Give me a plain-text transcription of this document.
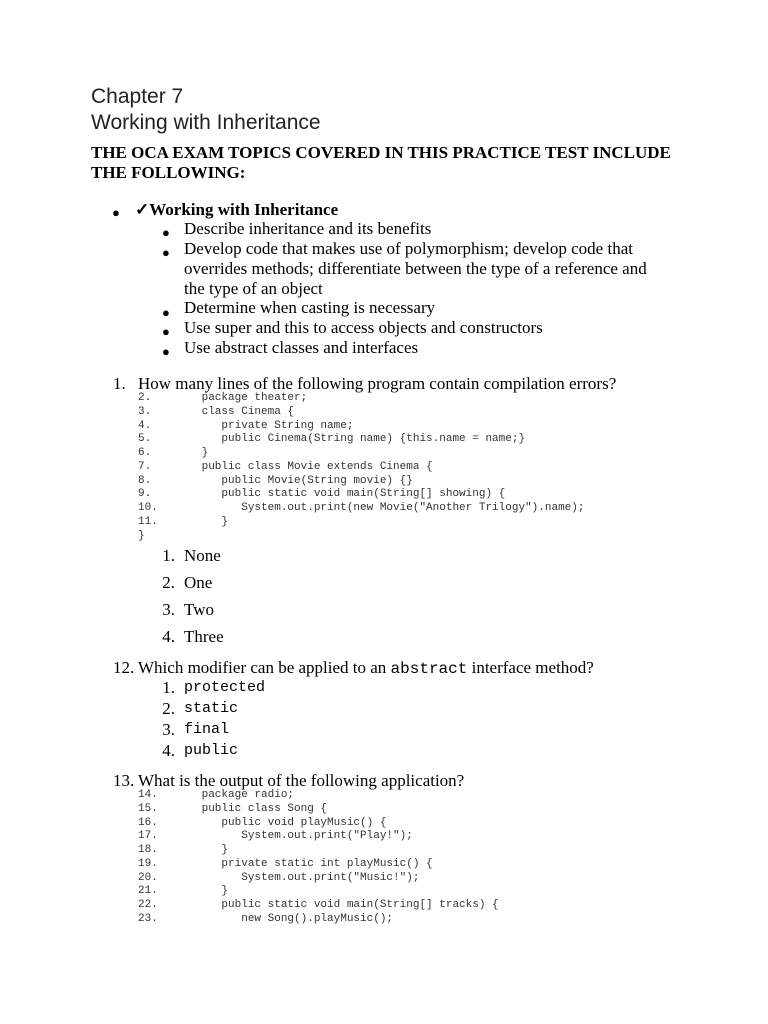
Chapter 7
Working with Inheritance
THE OCA EXAM TOPICS COVERED IN THIS PRACTICE TEST INCLUDE THE FOLLOWING:
● ✓Working with Inheritance
● Describe inheritance and its benefits
● Develop code that makes use of polymorphism; develop code that
overrides methods; differentiate between the type of a reference and
the type of an object
● Determine when casting is necessary
● Use super and this to access objects and constructors
● Use abstract classes and interfaces
1. How many lines of the following program contain compilation errors?
2. package theater;
3. class Cinema {
4. private String name;
5. public Cinema(String name) {this.name = name;}
6. }
7. public class Movie extends Cinema {
8. public Movie(String movie) {}
9. public static void main(String[] showing) {
10. System.out.print(new Movie("Another Trilogy").name);
11. }
}
1. None
2. One
3. Two
4. Three
12. Which modifier can be applied to an abstract interface method?
1. protected
2. static
3. final
4. public
13. What is the output of the following application?
14. package radio;
15. public class Song {
16. public void playMusic() {
17. System.out.print("Play!");
18. }
19. private static int playMusic() {
20. System.out.print("Music!");
21. }
22. public static void main(String[] tracks) {
23. new Song().playMusic();
